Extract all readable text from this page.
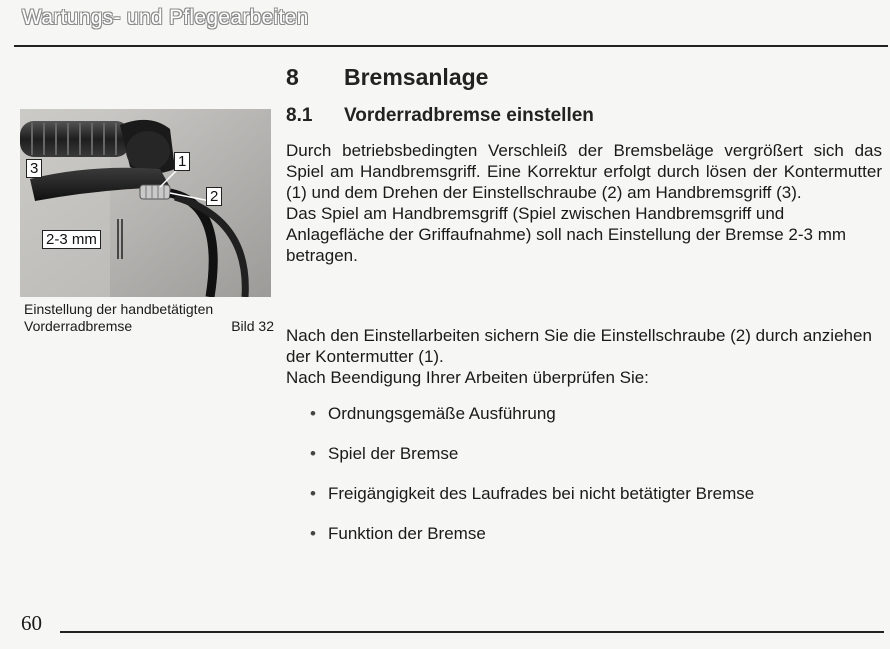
Wartungs- und Pflegearbeiten
3	1
2
2-3 mm
Einstellung der handbetätigten
Vorderradbremse	Bild 32
8 Bremsanlage
8.1 Vorderradbremse einstellen

Durch betriebsbedingten Verschleiß der Bremsbeläge vergrößert sich das Spiel am Handbremsgriff. Eine Korrektur erfolgt durch lösen der Kontermutter (1) und dem Drehen der Einstellschraube (2) am Handbremsgriff (3).

Das Spiel am Handbremsgriff (Spiel zwischen Handbremsgriff und Anlagefläche der Griffaufnahme) soll nach Einstellung der Bremse 2-3 mm betragen.

Nach den Einstellarbeiten sichern Sie die Einstellschraube (2) durch anziehen der Kontermutter (1).

Nach Beendigung Ihrer Arbeiten überprüfen Sie:

• Ordnungsgemäße Ausführung
• Spiel der Bremse
• Freigängigkeit des Laufrades bei nicht betätigter Bremse
• Funktion der Bremse
60
